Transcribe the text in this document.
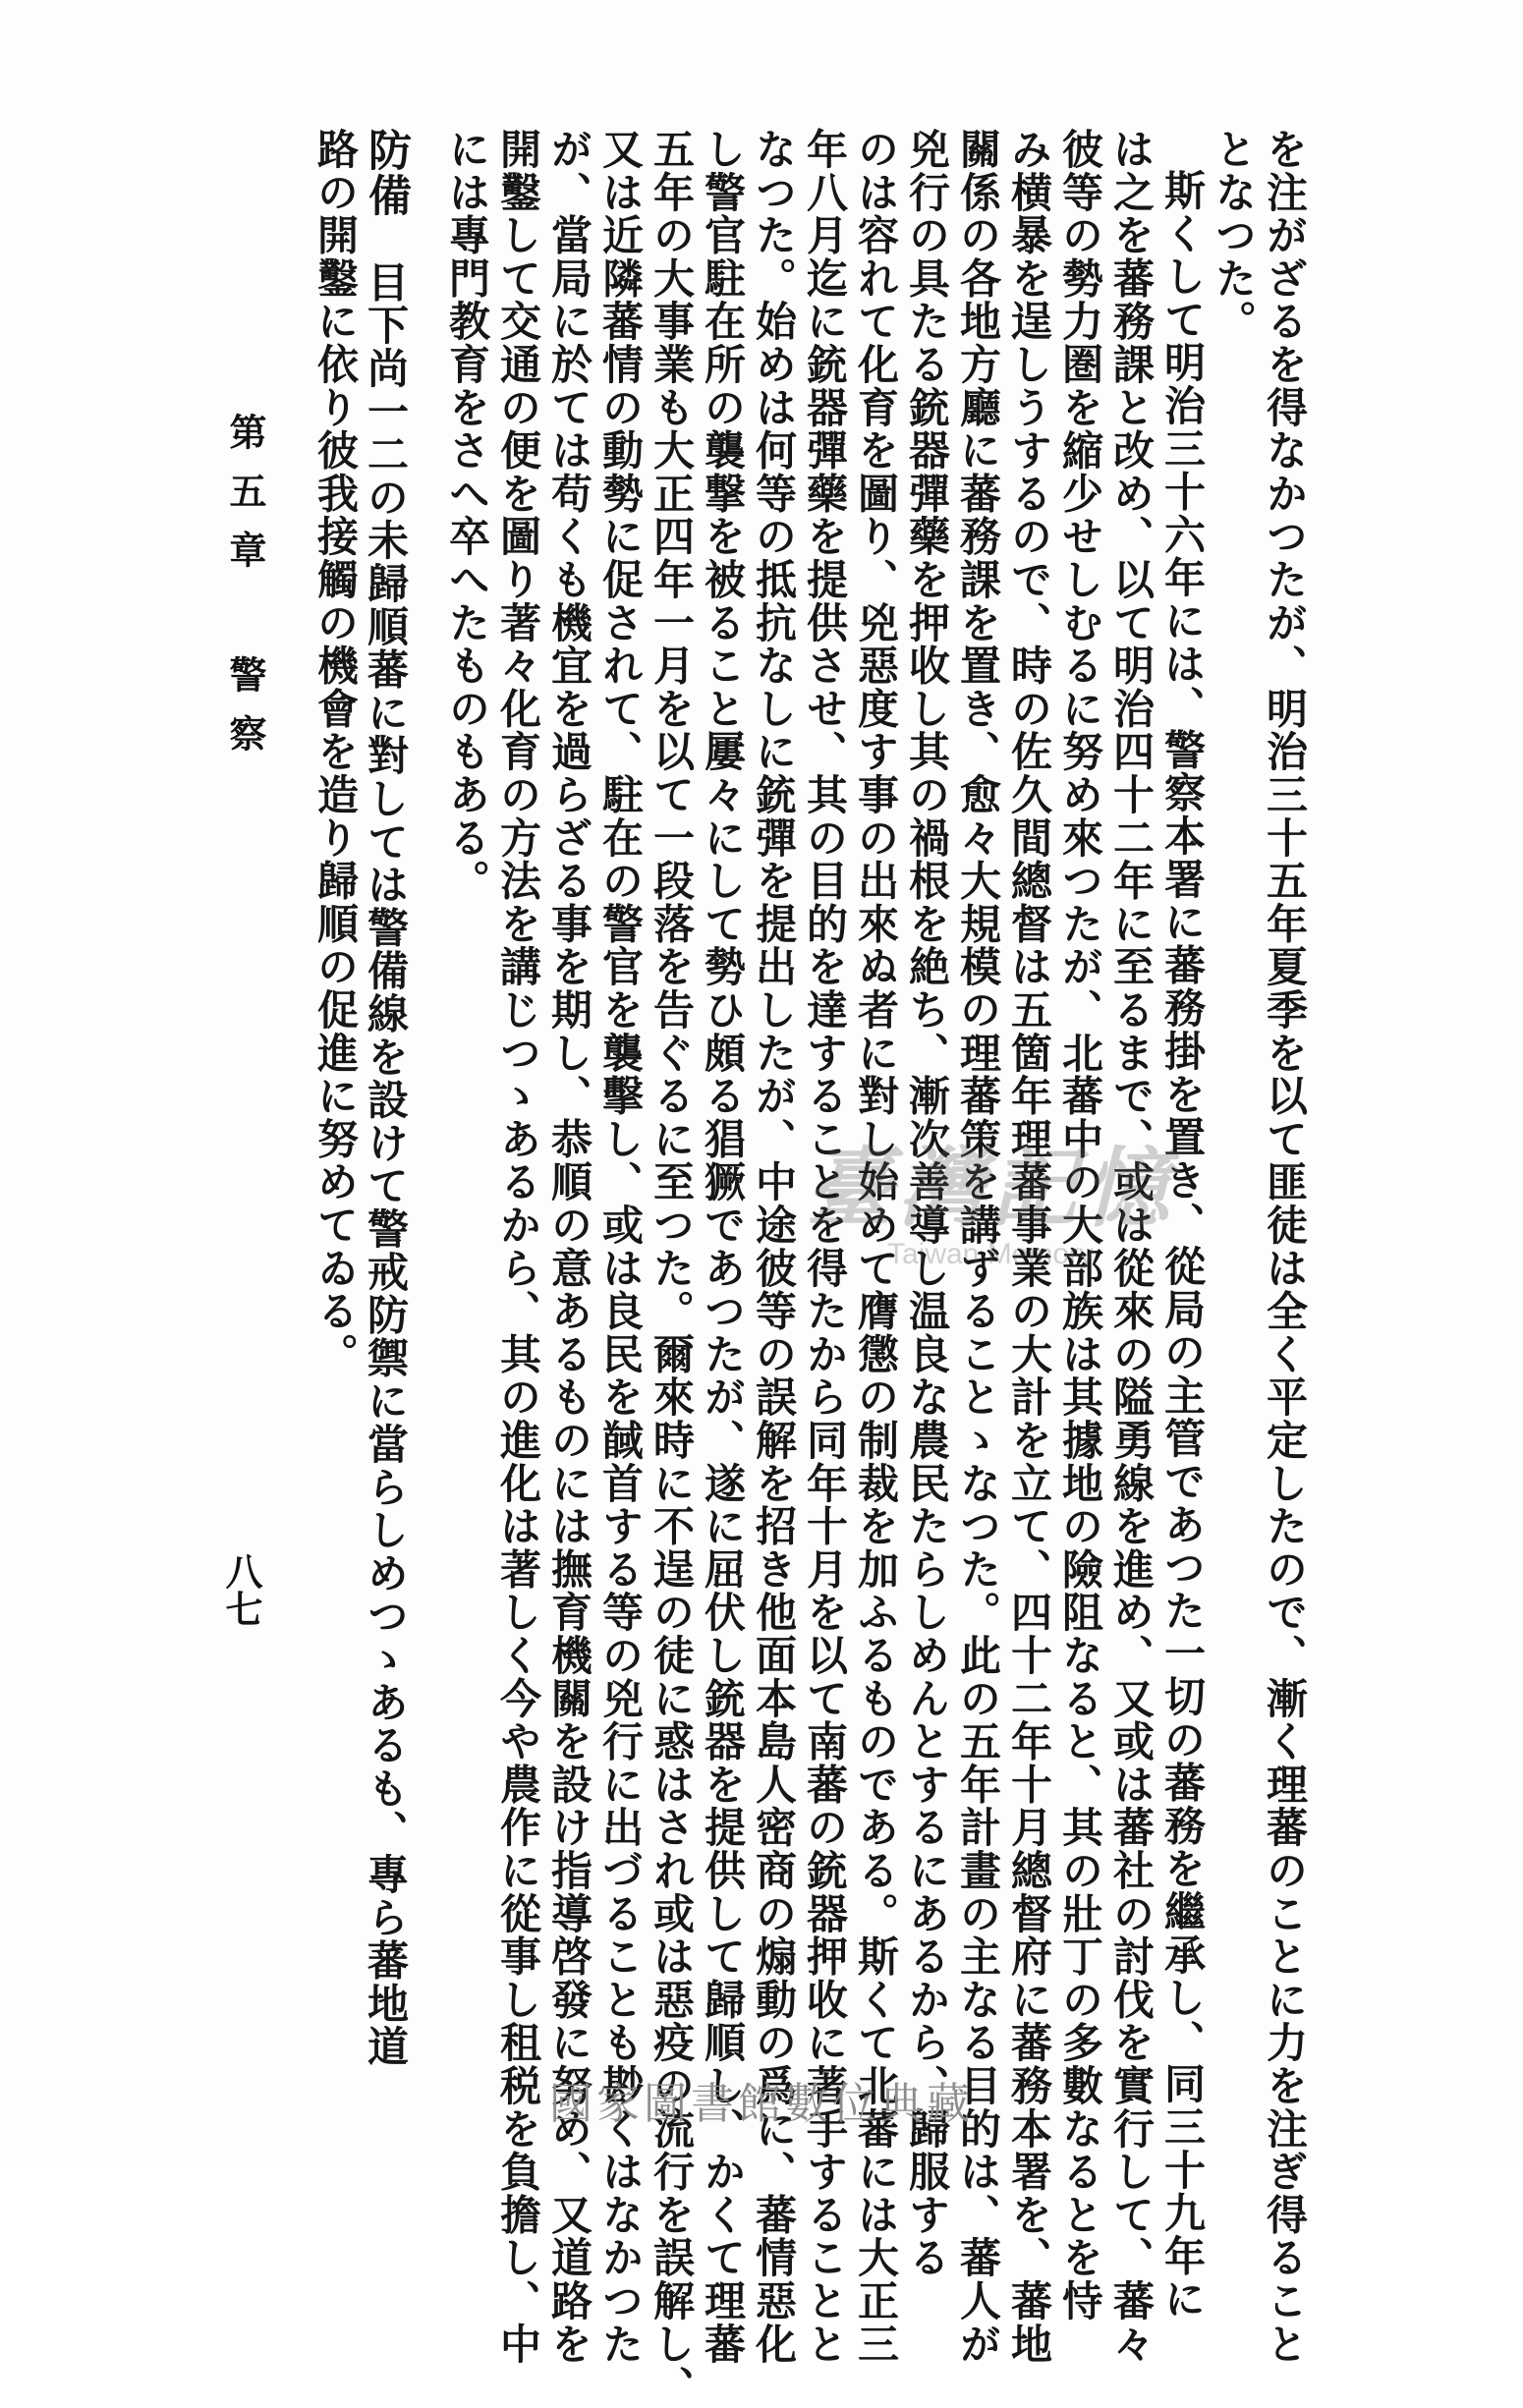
を注がざるを得なかつたが、明治三十五年夏季を以て匪徒は全く平定したので、漸く理蕃のことに力を注ぎ得ること
となつた。
斯くして明治三十六年には、警察本署に蕃務掛を置き、從局の主管であつた一切の蕃務を繼承し、同三十九年に
は之を蕃務課と改め、以て明治四十二年に至るまで、或は從來の隘勇線を進め、又或は蕃社の討伐を實行して、蕃々
彼等の勢力圏を縮少せしむるに努め來つたが、北蕃中の大部族は其據地の險阻なると、其の壯丁の多數なるとを恃
み横暴を逞しうするので、時の佐久間總督は五箇年理蕃事業の大計を立て、四十二年十月總督府に蕃務本署を、蕃地
關係の各地方廳に蕃務課を置き、愈々大規模の理蕃策を講ずることゝなつた。此の五年計畫の主なる目的は、蕃人が
兇行の具たる銃器彈藥を押收し其の禍根を絶ち、漸次善導し温良な農民たらしめんとするにあるから、歸服する
のは容れて化育を圖り、兇惡度す事の出來ぬ者に對し始めて膺懲の制裁を加ふるものである。斯くて北蕃には大正三
年八月迄に銃器彈藥を提供させ、其の目的を達することを得たから同年十月を以て南蕃の銃器押收に著手することと
なつた。始めは何等の抵抗なしに銃彈を提出したが、中途彼等の誤解を招き他面本島人密商の煽動の爲に、蕃情惡化
し警官駐在所の襲撃を被ること屢々にして勢ひ頗る猖獗であつたが、遂に屈伏し銃器を提供して歸順し、かくて理蕃
五年の大事業も大正四年一月を以て一段落を告ぐるに至つた。爾來時に不逞の徒に惑はされ或は惡疫の流行を誤解し、
又は近隣蕃情の動勢に促されて、駐在の警官を襲擊し、或は良民を馘首する等の兇行に出づることも尠くはなかつた
が、當局に於ては苟くも機宜を過らざる事を期し、恭順の意あるものには撫育機關を設け指導啓發に努め、又道路を
開鑿して交通の便を圖り著々化育の方法を講じつゝあるから、其の進化は著しく今や農作に從事し租税を負擔し、中
には專門教育をさへ卒へたものもある。
防備　目下尚一二の未歸順蕃に對しては警備線を設けて警戒防禦に當らしめつゝあるも、專ら蕃地道
路の開鑿に依り彼我接觸の機會を造り歸順の促進に努めてゐる。
第五章 警察
八七
臺灣記憶
Taiwan Memory
國家圖書館數位典藏
